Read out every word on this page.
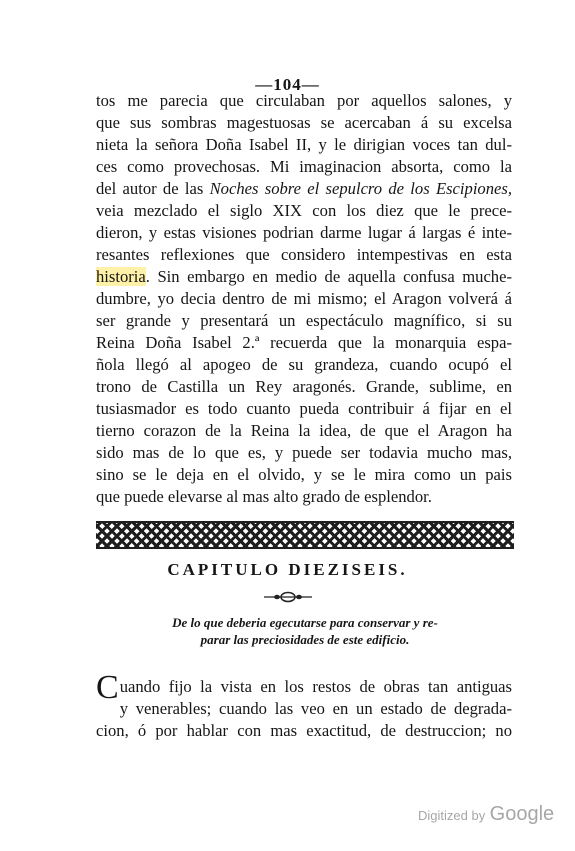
—104—
tos me parecia que circulaban por aquellos salones, y
que sus sombras magestuosas se acercaban á su excelsa
nieta la señora Doña Isabel II, y le dirigian voces tan dul-
ces como provechosas. Mi imaginacion absorta, como la
del autor de las Noches sobre el sepulcro de los Escipiones,
veia mezclado el siglo XIX con los diez que le prece-
dieron, y estas visiones podrian darme lugar á largas é inte-
resantes reflexiones que considero intempestivas en esta
historia. Sin embargo en medio de aquella confusa muche-
dumbre, yo decia dentro de mi mismo; el Aragon volverá á
ser grande y presentará un espectáculo magnífico, si su
Reina Doña Isabel 2.ª recuerda que la monarquia espa-
ñola llegó al apogeo de su grandeza, cuando ocupó el
trono de Castilla un Rey aragonés. Grande, sublime, en
tusiasmador es todo cuanto pueda contribuir á fijar en el
tierno corazon de la Reina la idea, de que el Aragon ha
sido mas de lo que es, y puede ser todavia mucho mas,
sino se le deja en el olvido, y se le mira como un pais
que puede elevarse al mas alto grado de esplendor.
CAPITULO DIEZISEIS.
De lo que deberia egecutarse para conservar y re-
parar las preciosidades de este edificio.
Cuando fijo la vista en los restos de obras tan antiguas
y venerables; cuando las veo en un estado de degrada-
cion, ó por hablar con mas exactitud, de destruccion; no
Digitized by Google
